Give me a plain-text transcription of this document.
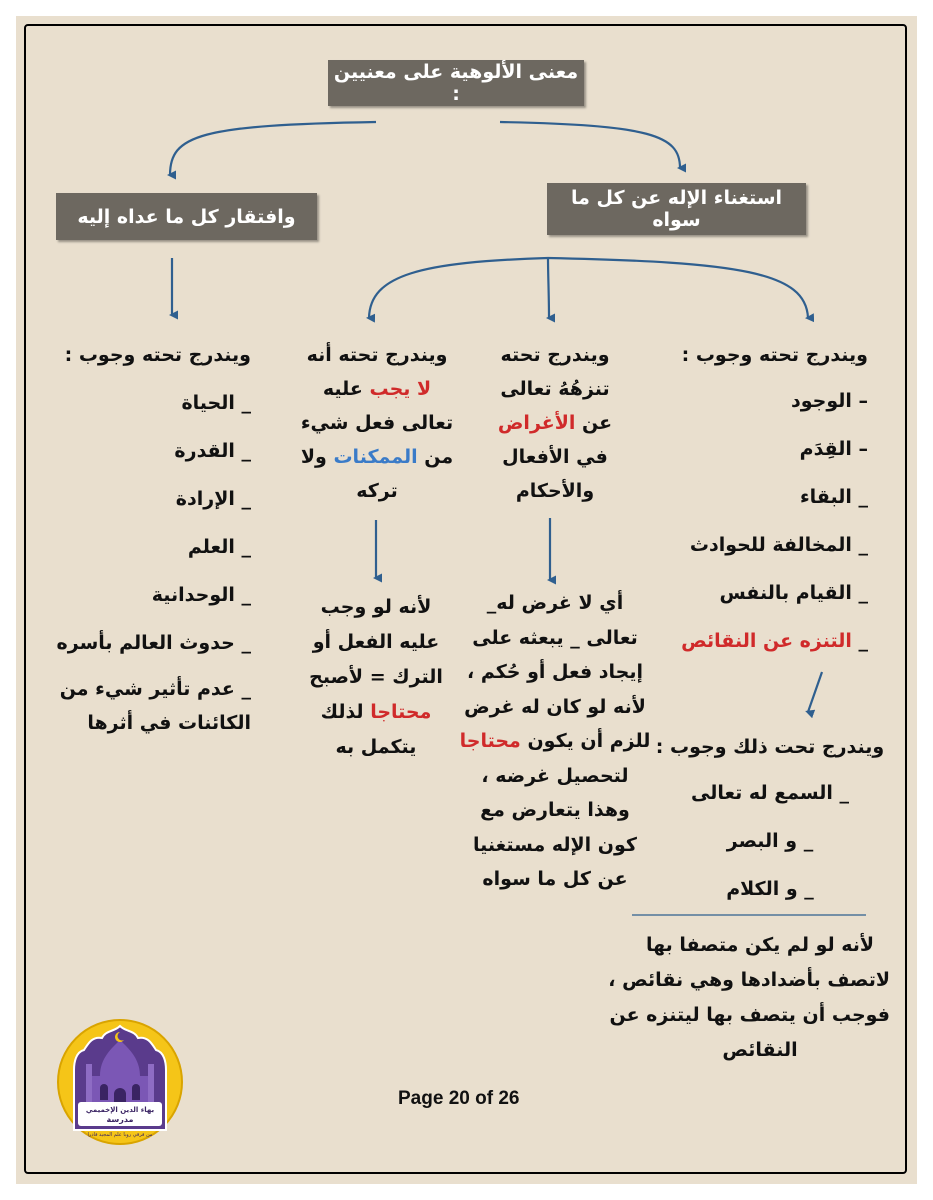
معنى الألوهية على معنيين :
استغناء الإله عن كل ما سواه
وافتقار كل ما عداه إليه
ويندرج تحته وجوب :
– الوجود
– القِدَم
_ البقاء
_ المخالفة للحوادث
_ القيام بالنفس
_ التنزه عن النقائص
ويندرج تحت ذلك وجوب :
_ السمع له تعالى
_ و البصر
_ و الكلام
لأنه لو لم يكن متصفا بها
لاتصف بأضدادها وهي نقائص ،
فوجب أن يتصف بها ليتنزه عن
النقائص
ويندرج تحته
تنزهُهُ تعالى
عن الأغراض
في الأفعال
والأحكام
أي لا غرض له_
تعالى _ يبعثه على
إيجاد فعل أو حُكم ،
لأنه لو كان له غرض
للزم أن يكون محتاجا
لتحصيل غرضه ،
وهذا يتعارض مع
كون الإله مستغنيا
عن كل ما سواه
ويندرج تحته أنه
لا يجب عليه
تعالى فعل شيء
من الممكنات ولا
تركه
لأنه لو وجب
عليه الفعل أو
الترك = لأصبح
محتاجا لذلك
يتكمل به
ويندرج تحته وجوب :
_ الحياة
_ القدرة
_ الإرادة
_ العلم
_ الوحدانية
_ حدوث العالم بأسره
_ عدم تأثير شيء من
الكائنات في أثرها
بهاء الدين الإخميمي
مدرسة
من فرقي روبا علم المجيد فادرا
Page 20 of 26
